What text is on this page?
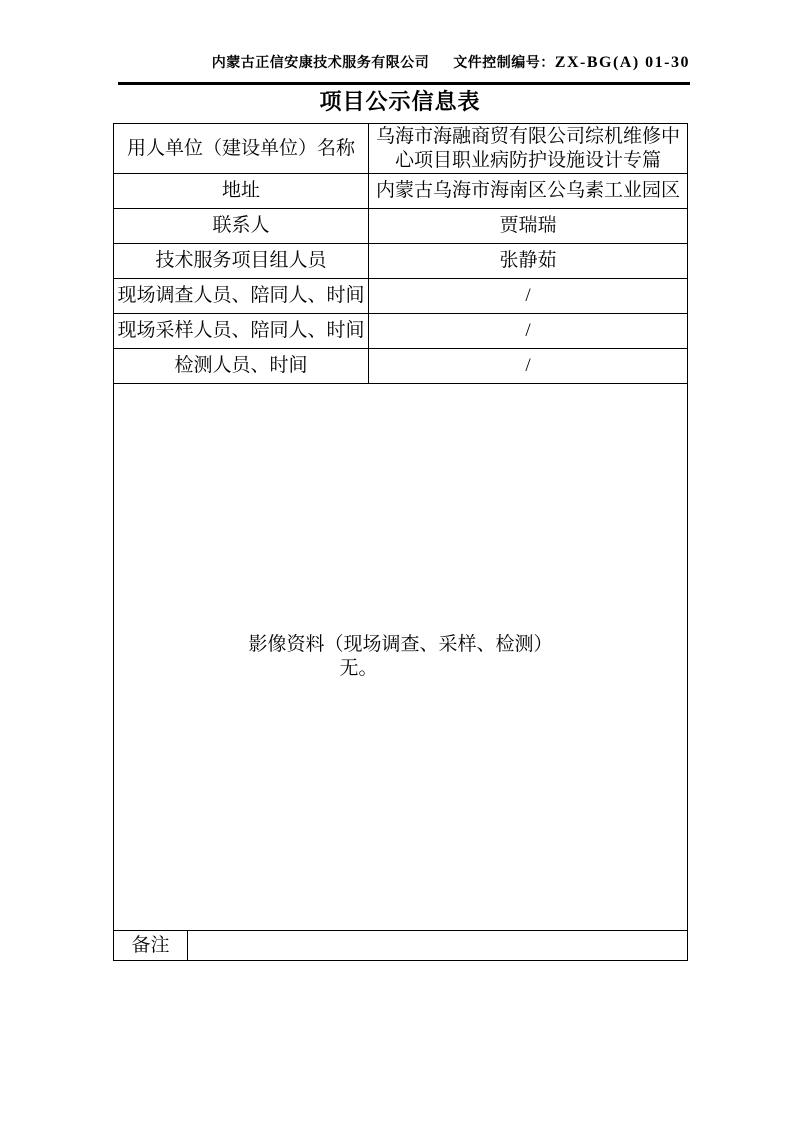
内蒙古正信安康技术服务有限公司 文件控制编号：ZX-BG(A) 01-30
项目公示信息表
用人单位（建设单位）名称		乌海市海融商贸有限公司综机维修中心项目职业病防护设施设计专篇
地址		内蒙古乌海市海南区公乌素工业园区
联系人		贾瑞瑞
技术服务项目组人员		张静茹
现场调查人员、陪同人、时间		/
现场采样人员、陪同人、时间		/
检测人员、时间		/

影像资料（现场调查、采样、检测）
无。		

备注		
